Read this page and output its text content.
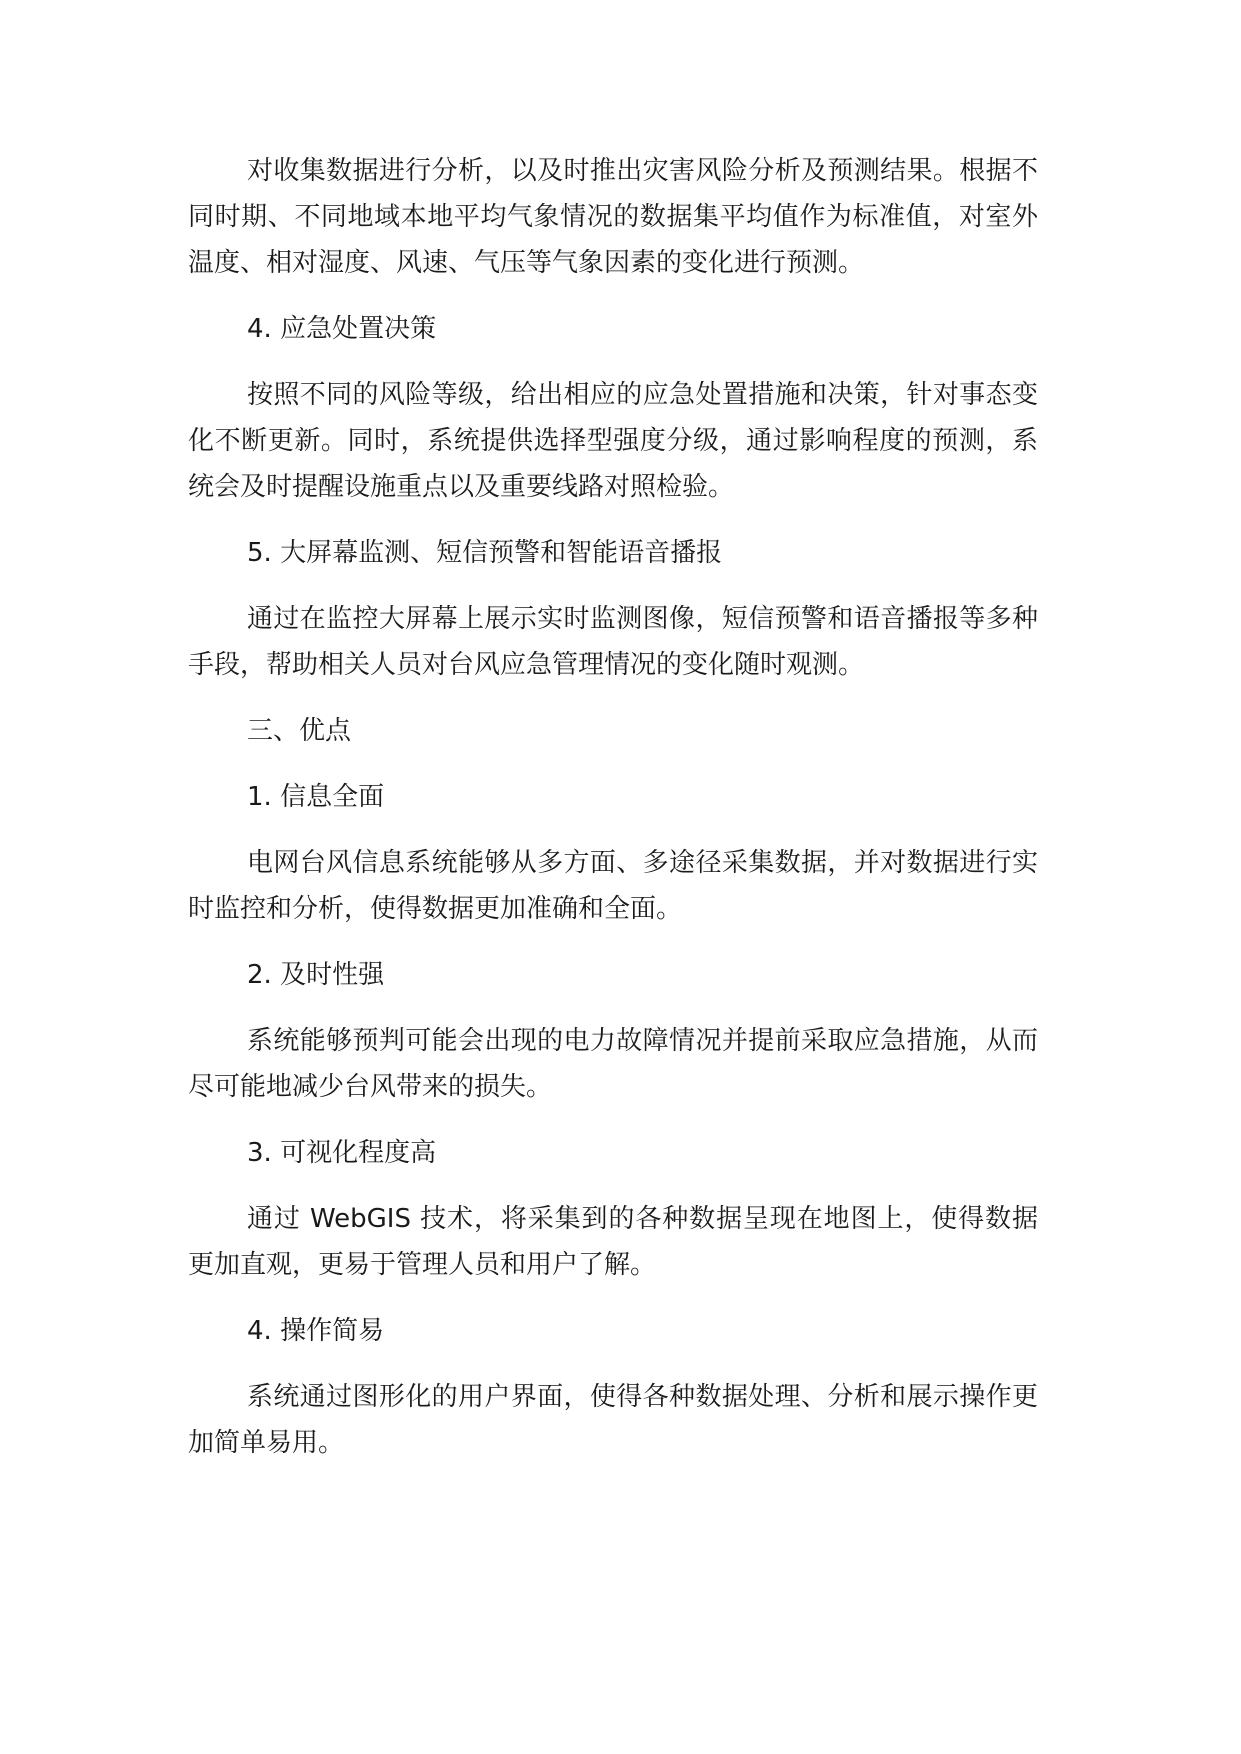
对收集数据进行分析，以及时推出灾害风险分析及预测结果。根据不同时期、不同地域本地平均气象情况的数据集平均值作为标准值，对室外温度、相对湿度、风速、气压等气象因素的变化进行预测。

4. 应急处置决策

按照不同的风险等级，给出相应的应急处置措施和决策，针对事态变化不断更新。同时，系统提供选择型强度分级，通过影响程度的预测，系统会及时提醒设施重点以及重要线路对照检验。

5. 大屏幕监测、短信预警和智能语音播报

通过在监控大屏幕上展示实时监测图像，短信预警和语音播报等多种手段，帮助相关人员对台风应急管理情况的变化随时观测。

三、优点

1. 信息全面

电网台风信息系统能够从多方面、多途径采集数据，并对数据进行实时监控和分析，使得数据更加准确和全面。

2. 及时性强

系统能够预判可能会出现的电力故障情况并提前采取应急措施，从而尽可能地减少台风带来的损失。

3. 可视化程度高

通过 WebGIS 技术，将采集到的各种数据呈现在地图上，使得数据更加直观，更易于管理人员和用户了解。

4. 操作简易

系统通过图形化的用户界面，使得各种数据处理、分析和展示操作更加简单易用。
